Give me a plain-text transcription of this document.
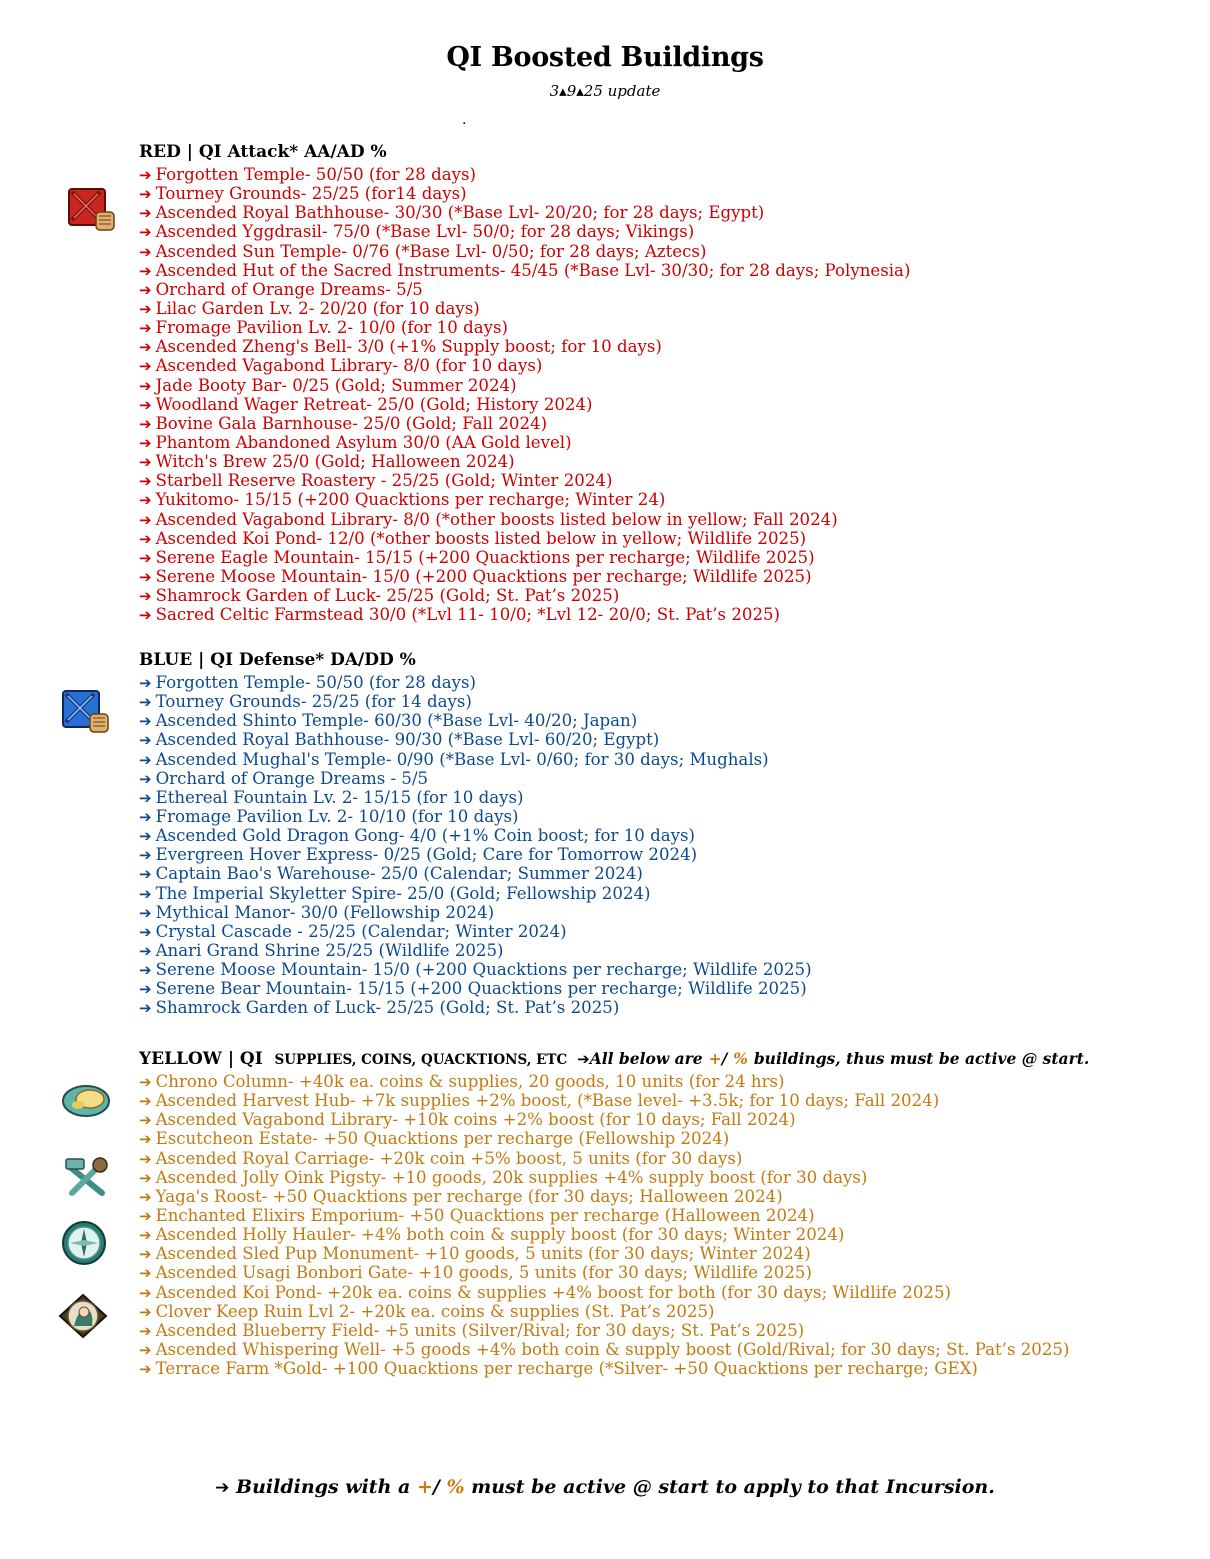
QI Boosted Buildings
3▴9▴25 update
.
RED | QI Attack* AA/AD %
➔ Forgotten Temple- 50/50 (for 28 days)
➔ Tourney Grounds- 25/25 (for14 days)
➔ Ascended Royal Bathhouse- 30/30 (*Base Lvl- 20/20; for 28 days; Egypt)
➔ Ascended Yggdrasil- 75/0 (*Base Lvl- 50/0; for 28 days; Vikings)
➔ Ascended Sun Temple- 0/76 (*Base Lvl- 0/50; for 28 days; Aztecs)
➔ Ascended Hut of the Sacred Instruments- 45/45 (*Base Lvl- 30/30; for 28 days; Polynesia)
➔ Orchard of Orange Dreams- 5/5
➔ Lilac Garden Lv. 2- 20/20 (for 10 days)
➔ Fromage Pavilion Lv. 2- 10/0 (for 10 days)
➔ Ascended Zheng's Bell- 3/0 (+1% Supply boost; for 10 days)
➔ Ascended Vagabond Library- 8/0 (for 10 days)
➔ Jade Booty Bar- 0/25 (Gold; Summer 2024)
➔ Woodland Wager Retreat- 25/0 (Gold; History 2024)
➔ Bovine Gala Barnhouse- 25/0 (Gold; Fall 2024)
➔ Phantom Abandoned Asylum 30/0 (AA Gold level)
➔ Witch's Brew 25/0 (Gold; Halloween 2024)
➔ Starbell Reserve Roastery - 25/25 (Gold; Winter 2024)
➔ Yukitomo- 15/15 (+200 Quacktions per recharge; Winter 24)
➔ Ascended Vagabond Library- 8/0 (*other boosts listed below in yellow; Fall 2024)
➔ Ascended Koi Pond- 12/0 (*other boosts listed below in yellow; Wildlife 2025)
➔ Serene Eagle Mountain- 15/15 (+200 Quacktions per recharge; Wildlife 2025)
➔ Serene Moose Mountain- 15/0 (+200 Quacktions per recharge; Wildlife 2025)
➔ Shamrock Garden of Luck- 25/25 (Gold; St. Pat’s 2025)
➔ Sacred Celtic Farmstead 30/0 (*Lvl 11- 10/0; *Lvl 12- 20/0; St. Pat’s 2025)
BLUE | QI Defense* DA/DD %
➔ Forgotten Temple- 50/50 (for 28 days)
➔ Tourney Grounds- 25/25 (for 14 days)
➔ Ascended Shinto Temple- 60/30 (*Base Lvl- 40/20; Japan)
➔ Ascended Royal Bathhouse- 90/30 (*Base Lvl- 60/20; Egypt)
➔ Ascended Mughal's Temple- 0/90 (*Base Lvl- 0/60; for 30 days; Mughals)
➔ Orchard of Orange Dreams - 5/5
➔ Ethereal Fountain Lv. 2- 15/15 (for 10 days)
➔ Fromage Pavilion Lv. 2- 10/10 (for 10 days)
➔ Ascended Gold Dragon Gong- 4/0 (+1% Coin boost; for 10 days)
➔ Evergreen Hover Express- 0/25 (Gold; Care for Tomorrow 2024)
➔ Captain Bao's Warehouse- 25/0 (Calendar; Summer 2024)
➔ The Imperial Skyletter Spire- 25/0 (Gold; Fellowship 2024)
➔ Mythical Manor- 30/0 (Fellowship 2024)
➔ Crystal Cascade - 25/25 (Calendar; Winter 2024)
➔ Anari Grand Shrine 25/25 (Wildlife 2025)
➔ Serene Moose Mountain- 15/0 (+200 Quacktions per recharge; Wildlife 2025)
➔ Serene Bear Mountain- 15/15 (+200 Quacktions per recharge; Wildlife 2025)
➔ Shamrock Garden of Luck- 25/25 (Gold; St. Pat’s 2025)
YELLOW | QI SUPPLIES, COINS, QUACKTIONS, ETC ➔All below are +/ % buildings, thus must be active @ start.
➔ Chrono Column- +40k ea. coins & supplies, 20 goods, 10 units (for 24 hrs)
➔ Ascended Harvest Hub- +7k supplies +2% boost, (*Base level- +3.5k; for 10 days; Fall 2024)
➔ Ascended Vagabond Library- +10k coins +2% boost (for 10 days; Fall 2024)
➔ Escutcheon Estate- +50 Quacktions per recharge (Fellowship 2024)
➔ Ascended Royal Carriage- +20k coin +5% boost, 5 units (for 30 days)
➔ Ascended Jolly Oink Pigsty- +10 goods, 20k supplies +4% supply boost (for 30 days)
➔ Yaga's Roost- +50 Quacktions per recharge (for 30 days; Halloween 2024)
➔ Enchanted Elixirs Emporium- +50 Quacktions per recharge (Halloween 2024)
➔ Ascended Holly Hauler- +4% both coin & supply boost (for 30 days; Winter 2024)
➔ Ascended Sled Pup Monument- +10 goods, 5 units (for 30 days; Winter 2024)
➔ Ascended Usagi Bonbori Gate- +10 goods, 5 units (for 30 days; Wildlife 2025)
➔ Ascended Koi Pond- +20k ea. coins & supplies +4% boost for both (for 30 days; Wildlife 2025)
➔ Clover Keep Ruin Lvl 2- +20k ea. coins & supplies (St. Pat’s 2025)
➔ Ascended Blueberry Field- +5 units (Silver/Rival; for 30 days; St. Pat’s 2025)
➔ Ascended Whispering Well- +5 goods +4% both coin & supply boost (Gold/Rival; for 30 days; St. Pat’s 2025)
➔ Terrace Farm *Gold- +100 Quacktions per recharge (*Silver- +50 Quacktions per recharge; GEX)
➔ Buildings with a +/ % must be active @ start to apply to that Incursion.
